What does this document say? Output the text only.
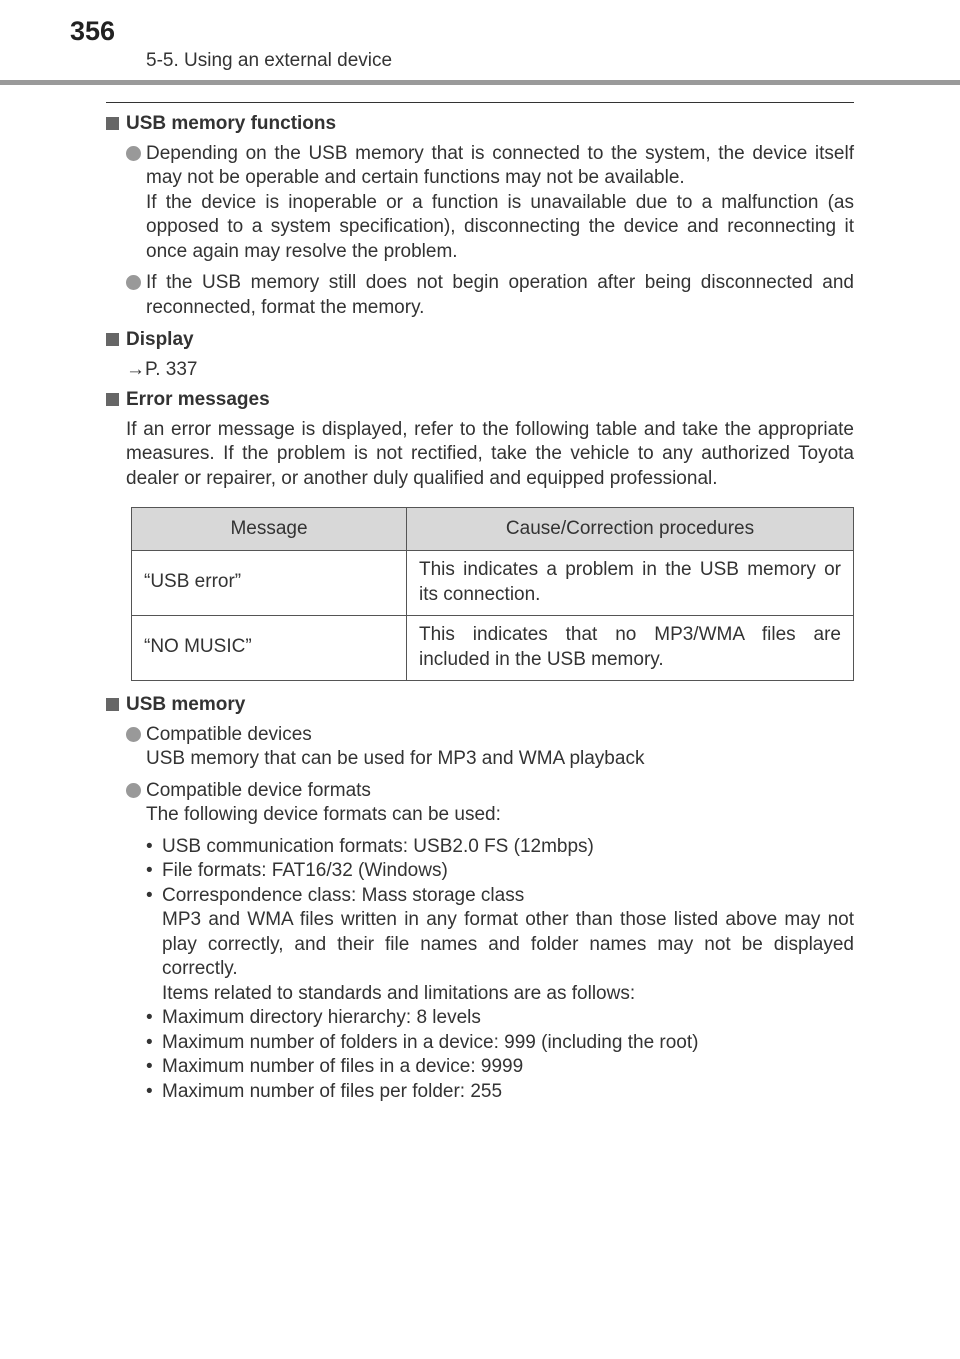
356
5-5. Using an external device
USB memory functions

Depending on the USB memory that is connected to the system, the device itself may not be operable and certain functions may not be available.

If the device is inoperable or a function is unavailable due to a malfunction (as opposed to a system specification), disconnecting the device and reconnecting it once again may resolve the problem.

If the USB memory still does not begin operation after being disconnected and reconnected, format the memory.

Display

→P. 337

Error messages

If an error message is displayed, refer to the following table and take the appropriate measures. If the problem is not rectified, take the vehicle to any authorized Toyota dealer or repairer, or another duly qualified and equipped professional.

Message	Cause/Correction procedures
“USB error”	This indicates a problem in the USB memory or its connection.
“NO MUSIC”	This indicates that no MP3/WMA files are included in the USB memory.
USB memory

Compatible devices

USB memory that can be used for MP3 and WMA playback

Compatible device formats

The following device formats can be used:

• USB communication formats: USB2.0 FS (12mbps)
• File formats: FAT16/32 (Windows)
• Correspondence class: Mass storage class

MP3 and WMA files written in any format other than those listed above may not play correctly, and their file names and folder names may not be displayed correctly.

Items related to standards and limitations are as follows:

• Maximum directory hierarchy: 8 levels
• Maximum number of folders in a device: 999 (including the root)
• Maximum number of files in a device: 9999
• Maximum number of files per folder: 255
